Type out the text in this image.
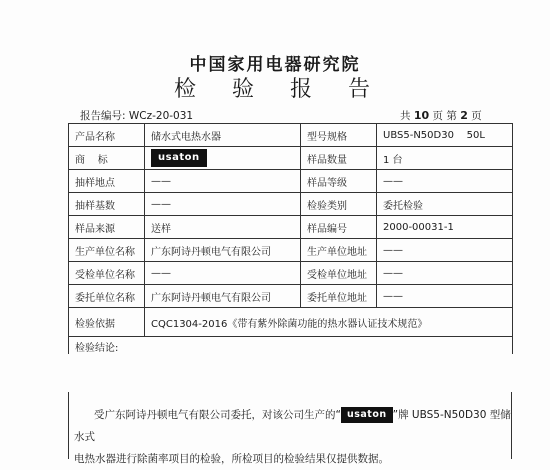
中国家用电器研究院
检验报告
报告编号: WCz-20-031	共 10 页 第 2 页
产品名称	储水式电热水器	型号规格	UBS5-N50D30    50L
商    标	usaton	样品数量	1 台
抽样地点	——	样品等级	——
抽样基数	——	检验类别	委托检验
样品来源	送样	样品编号	2000-00031-1
生产单位名称	广东阿诗丹顿电气有限公司	生产单位地址	——
受检单位名称	——	受检单位地址	——
委托单位名称	广东阿诗丹顿电气有限公司	委托单位地址	——
检验依据	CQC1304-2016《带有紫外除菌功能的热水器认证技术规范》		
检验结论:			
受广东阿诗丹顿电气有限公司委托，对该公司生产的“ usaton ”牌 UBS5-N50D30 型储水式
电热水器进行除菌率项目的检验，所检项目的检验结果仅提供数据。
